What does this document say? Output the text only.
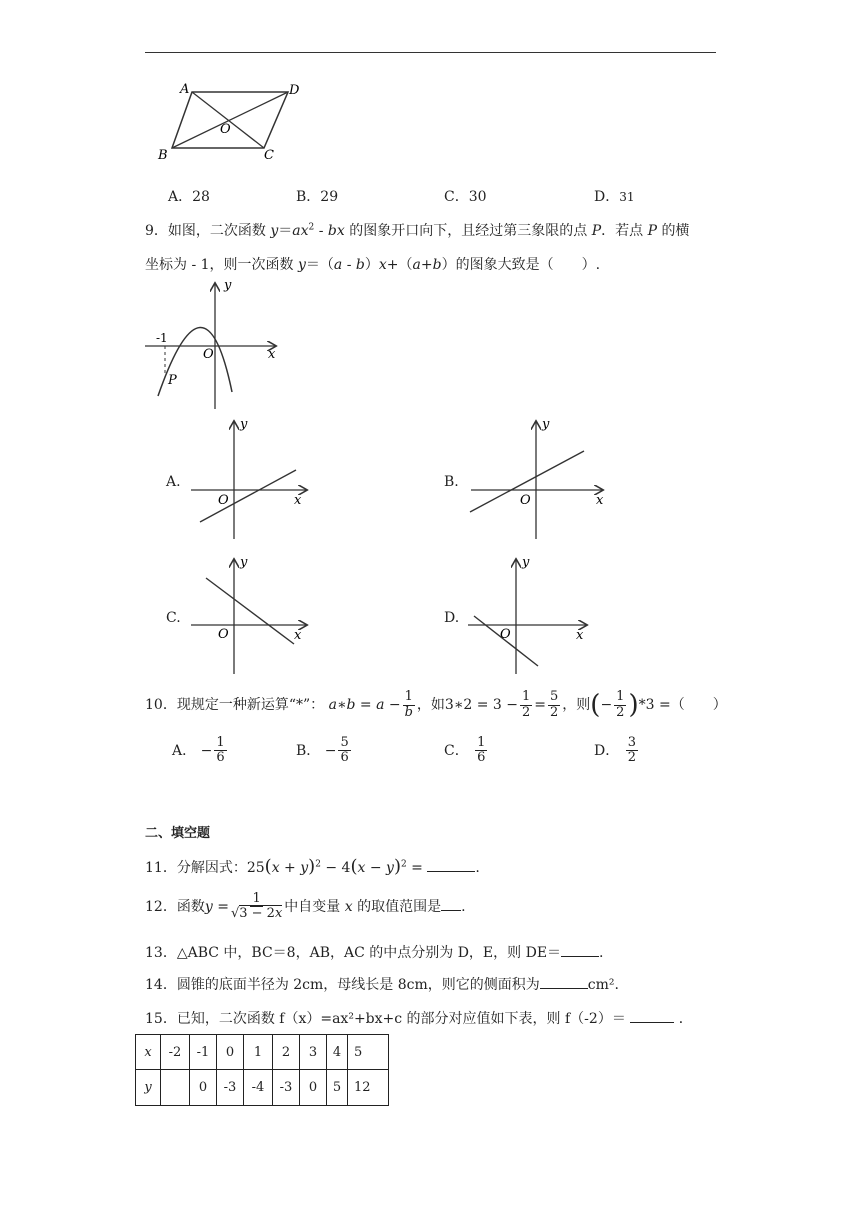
A	D
B	C
O
A．28	B．29	C．30	D．31
9．如图，二次函数 $y=ax^2$ - bx 的图象开口向下，且经过第三象限的点 P．若点 P 的横
坐标为 - 1，则一次函数 y＝（a - b）x+（a+b）的图象大致是（　　）.
-1
P
O
y
x
A.
O
y
x
B.
O
y
x
C.
O
y
x
D.
O
y
x
10．现规定一种新运算“*”： a∗b = $a - \frac{1}{b}$ ，如3∗2 = $3 - \frac{1}{2} = \frac{5}{2}$ ，则(− $\frac{1}{2} )*3$ =（　　）
A． − $\frac{1}{6}$	B． − $\frac{5}{6}$	C． $\frac{1}{6}$	D． $\frac{3}{2}$
二、填空题
11．分解因式：$25(x + y)^2 - 4(x - y)^2$ =	.
12．函数$y = \frac{1}{√3 - 2x}$ 中自变量 x 的取值范围是 .
13．△ABC 中，BC＝8，AB，AC 的中点分别为 D，E，则 DE＝	.
14．圆锥的底面半径为 2cm，母线长是 8cm，则它的侧面积为	cm².
15．已知，二次函数 f（x）=ax²+bx+c 的部分对应值如下表，则 f（-2）＝	．
x	-2	-1	0	1	2	3	4	5
y		0	-3	-4	-3	0	5	12
